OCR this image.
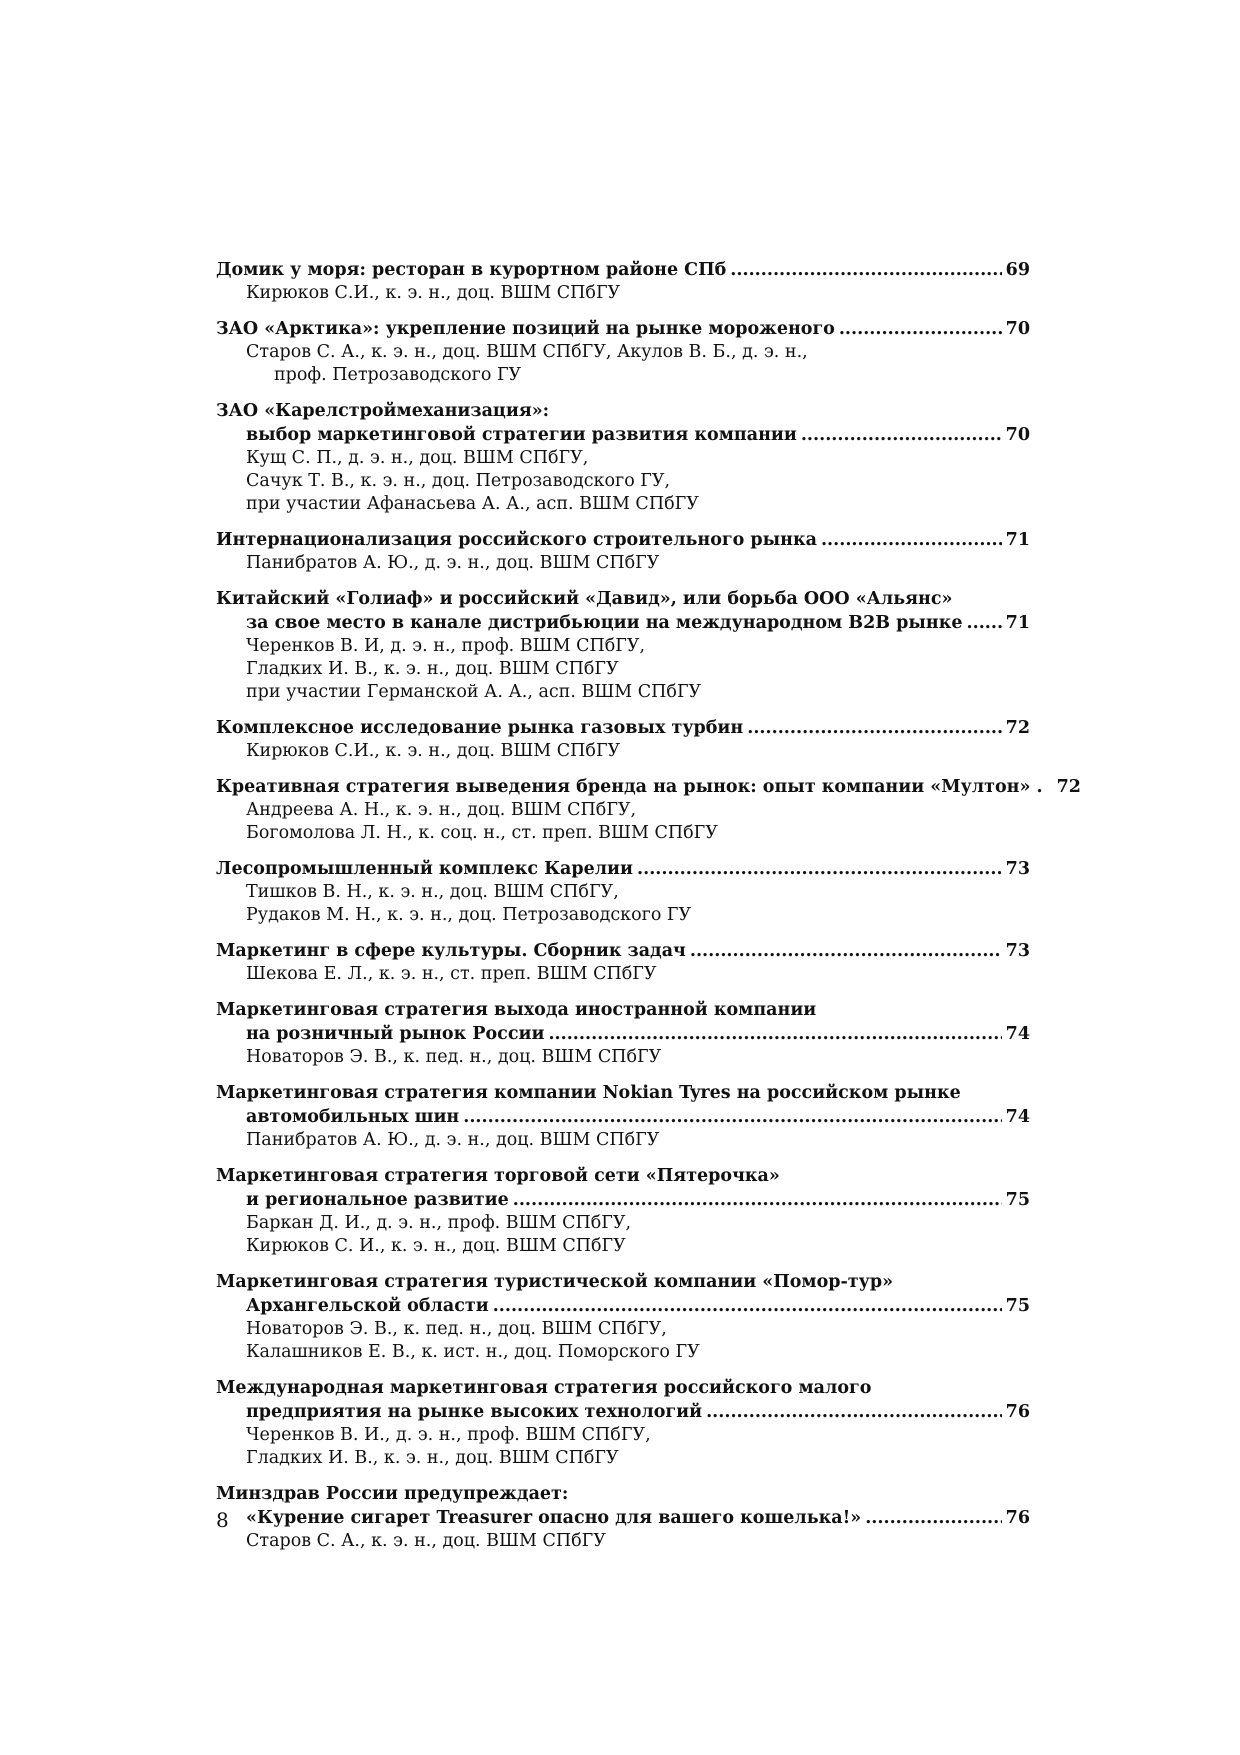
Домик у моря: ресторан в курортном районе СПб .....	69
Кирюков С.И., к. э. н., доц. ВШМ СПбГУ
ЗАО «Арктика»: укрепление позиций на рынке мороженого .....	70
Старов С. А., к. э. н., доц. ВШМ СПбГУ, Акулов В. Б., д. э. н.,
проф. Петрозаводского ГУ
ЗАО «Карелстроймеханизация»:
выбор маркетинговой стратегии развития компании .....	70
Кущ С. П., д. э. н., доц. ВШМ СПбГУ,
Сачук Т. В., к. э. н., доц. Петрозаводского ГУ,
при участии Афанасьева А. А., асп. ВШМ СПбГУ
Интернационализация российского строительного рынка .....	71
Панибратов А. Ю., д. э. н., доц. ВШМ СПбГУ
Китайский «Голиаф» и российский «Давид», или борьба ООО «Альянс»
за свое место в канале дистрибьюции на международном B2B рынке ..... 71
Черенков В. И, д. э. н., проф. ВШМ СПбГУ,
Гладких И. В., к. э. н., доц. ВШМ СПбГУ
при участии Германской А. А., асп. ВШМ СПбГУ
Комплексное исследование рынка газовых турбин .....	72
Кирюков С.И., к. э. н., доц. ВШМ СПбГУ
Креативная стратегия выведения бренда на рынок: опыт компании «Мултон» . 72
Андреева А. Н., к. э. н., доц. ВШМ СПбГУ,
Богомолова Л. Н., к. соц. н., ст. преп. ВШМ СПбГУ
Лесопромышленный комплекс Карелии .....	73
Тишков В. Н., к. э. н., доц. ВШМ СПбГУ,
Рудаков М. Н., к. э. н., доц. Петрозаводского ГУ
Маркетинг в сфере культуры. Сборник задач .....	73
Шекова Е. Л., к. э. н., ст. преп. ВШМ СПбГУ
Маркетинговая стратегия выхода иностранной компании
на розничный рынок России .....	74
Новаторов Э. В., к. пед. н., доц. ВШМ СПбГУ
Маркетинговая стратегия компании Nokian Tyres на российском рынке
автомобильных шин .....	74
Панибратов А. Ю., д. э. н., доц. ВШМ СПбГУ
Маркетинговая стратегия торговой сети «Пятерочка»
и региональное развитие .....	75
Баркан Д. И., д. э. н., проф. ВШМ СПбГУ,
Кирюков С. И., к. э. н., доц. ВШМ СПбГУ
Маркетинговая стратегия туристической компании «Помор-тур»
Архангельской области .....	75
Новаторов Э. В., к. пед. н., доц. ВШМ СПбГУ,
Калашников Е. В., к. ист. н., доц. Поморского ГУ
Международная маркетинговая стратегия российского малого
предприятия на рынке высоких технологий .....	76
Черенков В. И., д. э. н., проф. ВШМ СПбГУ,
Гладких И. В., к. э. н., доц. ВШМ СПбГУ
Минздрав России предупреждает:
«Курение сигарет Treasurer опасно для вашего кошелька!» .....	76
Старов С. А., к. э. н., доц. ВШМ СПбГУ
8
